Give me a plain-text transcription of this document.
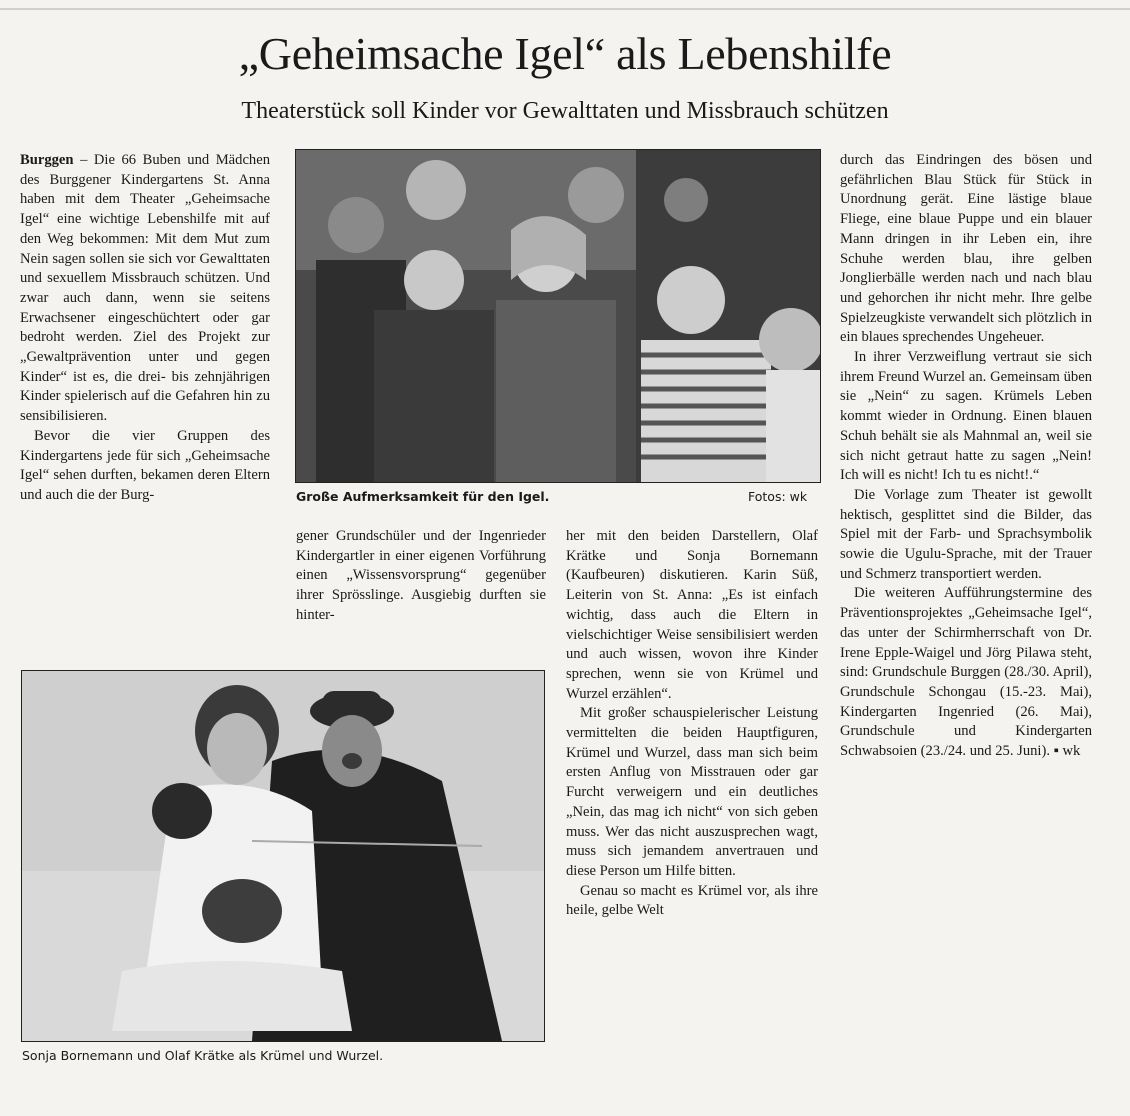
„Geheimsache Igel“ als Lebenshilfe
Theaterstück soll Kinder vor Gewalttaten und Missbrauch schützen

Burggen – Die 66 Buben und Mädchen des Burggener Kindergartens St. Anna haben mit dem Theater „Geheimsache Igel“ eine wichtige Lebenshilfe mit auf den Weg bekommen: Mit dem Mut zum Nein sagen sollen sie sich vor Gewalttaten und sexuellem Missbrauch schützen. Und zwar auch dann, wenn sie seitens Erwachsener eingeschüchtert oder gar bedroht werden. Ziel des Projekt zur „Gewaltprävention unter und gegen Kinder“ ist es, die drei- bis zehnjährigen Kinder spielerisch auf die Gefahren hin zu sensibilisieren.

Bevor die vier Gruppen des Kindergartens jede für sich „Geheimsache Igel“ sehen durften, bekamen deren Eltern und auch die der Burg-	Große Aufmerksamkeit für den Igel.	Fotos: wk

gener Grundschüler und der Ingenrieder Kindergartler in einer eigenen Vorführung einen „Wissensvorsprung“ gegenüber ihrer Sprösslinge. Ausgiebig durften sie hinter-

her mit den beiden Darstellern, Olaf Krätke und Sonja Bornemann (Kaufbeuren) diskutieren. Karin Süß, Leiterin von St. Anna: „Es ist einfach wichtig, dass auch die Eltern in vielschichtiger Weise sensibilisiert werden und auch wissen, wovon ihre Kinder sprechen, wenn sie von Krümel und Wurzel erzählen“.

Mit großer schauspielerischer Leistung vermittelten die beiden Hauptfiguren, Krümel und Wurzel, dass man sich beim ersten Anflug von Misstrauen oder gar Furcht verweigern und ein deutliches „Nein, das mag ich nicht“ von sich geben muss. Wer das nicht auszusprechen wagt, muss sich jemandem anvertrauen und diese Person um Hilfe bitten.

Genau so macht es Krümel vor, als ihre heile, gelbe Welt

durch das Eindringen des bösen und gefährlichen Blau Stück für Stück in Unordnung gerät. Eine lästige blaue Fliege, eine blaue Puppe und ein blauer Mann dringen in ihr Leben ein, ihre Schuhe werden blau, ihre gelben Jonglierbälle werden nach und nach blau und gehorchen ihr nicht mehr. Ihre gelbe Spielzeugkiste verwandelt sich plötzlich in ein blaues sprechendes Ungeheuer.

In ihrer Verzweiflung vertraut sie sich ihrem Freund Wurzel an. Gemeinsam üben sie „Nein“ zu sagen. Krümels Leben kommt wieder in Ordnung. Einen blauen Schuh behält sie als Mahnmal an, weil sie sich nicht getraut hatte zu sagen „Nein! Ich will es nicht! Ich tu es nicht!.“

Die Vorlage zum Theater ist gewollt hektisch, gesplittet sind die Bilder, das Spiel mit der Farb- und Sprachsymbolik sowie die Ugulu-Sprache, mit der Trauer und Schmerz transportiert werden.

Die weiteren Aufführungstermine des Präventionsprojektes „Geheimsache Igel“, das unter der Schirmherrschaft von Dr. Irene Epple-Waigel und Jörg Pilawa steht, sind: Grundschule Burggen (28./30. April), Grundschule Schongau (15.-23. Mai), Kindergarten Ingenried (26. Mai), Grundschule und Kindergarten Schwabsoien (23./24. und 25. Juni). ▪ wk

Sonja Bornemann und Olaf Krätke als Krümel und Wurzel.
